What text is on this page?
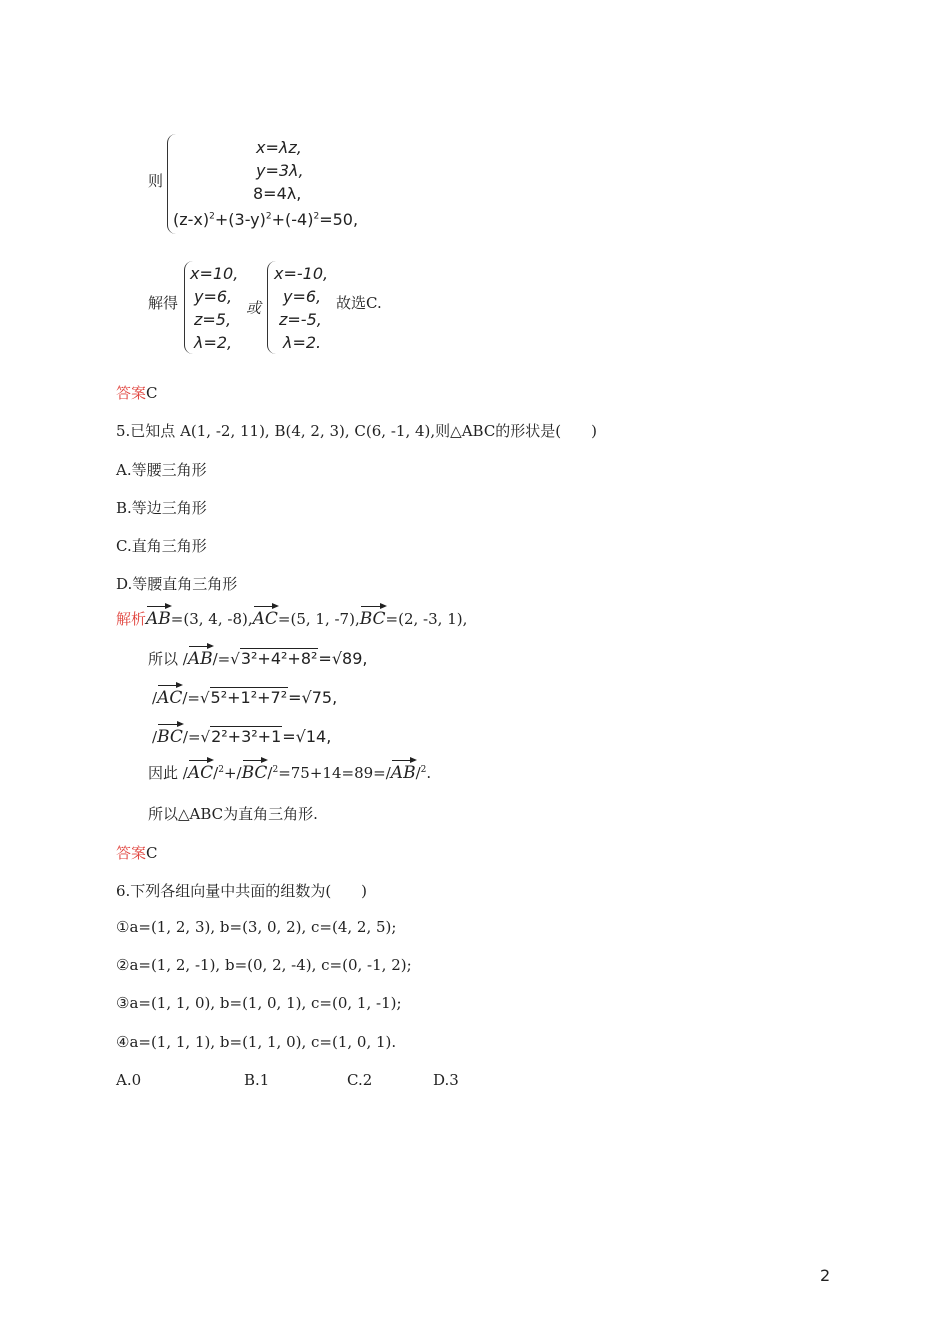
则
x=λz,
y=3λ,
8=4λ,
$(z-x)^2+(3-y)^2+(-4)^2=50$,
解得
x=10,
y=6,
z=5,
λ=2,
或
x=-10,
y=6,
z=-5,
λ=2.
故选C.
答案C
5.已知点 A(1, -2, 11), B(4, 2, 3), C(6, -1, 4),则△ABC的形状是(　　)
A.等腰三角形
B.等边三角形
C.直角三角形
D.等腰直角三角形
解析AB=(3, 4, -8),AC=(5, 1, -7),BC=(2, -3, 1),
所以 /AB/=√3²+4²+8²=√89,
/AC/=√5²+1²+7²=√75,
/BC/=√2²+3²+1=√14,
因此 /AC/$^2$+/BC/$^2$=75+14=89=/AB/$^2$.
所以△ABC为直角三角形.
答案C
6.下列各组向量中共面的组数为(　　)
①a=(1, 2, 3), b=(3, 0, 2), c=(4, 2, 5);
②a=(1, 2, -1), b=(0, 2, -4), c=(0, -1, 2);
③a=(1, 1, 0), b=(1, 0, 1), c=(0, 1, -1);
④a=(1, 1, 1), b=(1, 1, 0), c=(1, 0, 1).
A.0	B.1	C.2	D.3
2
